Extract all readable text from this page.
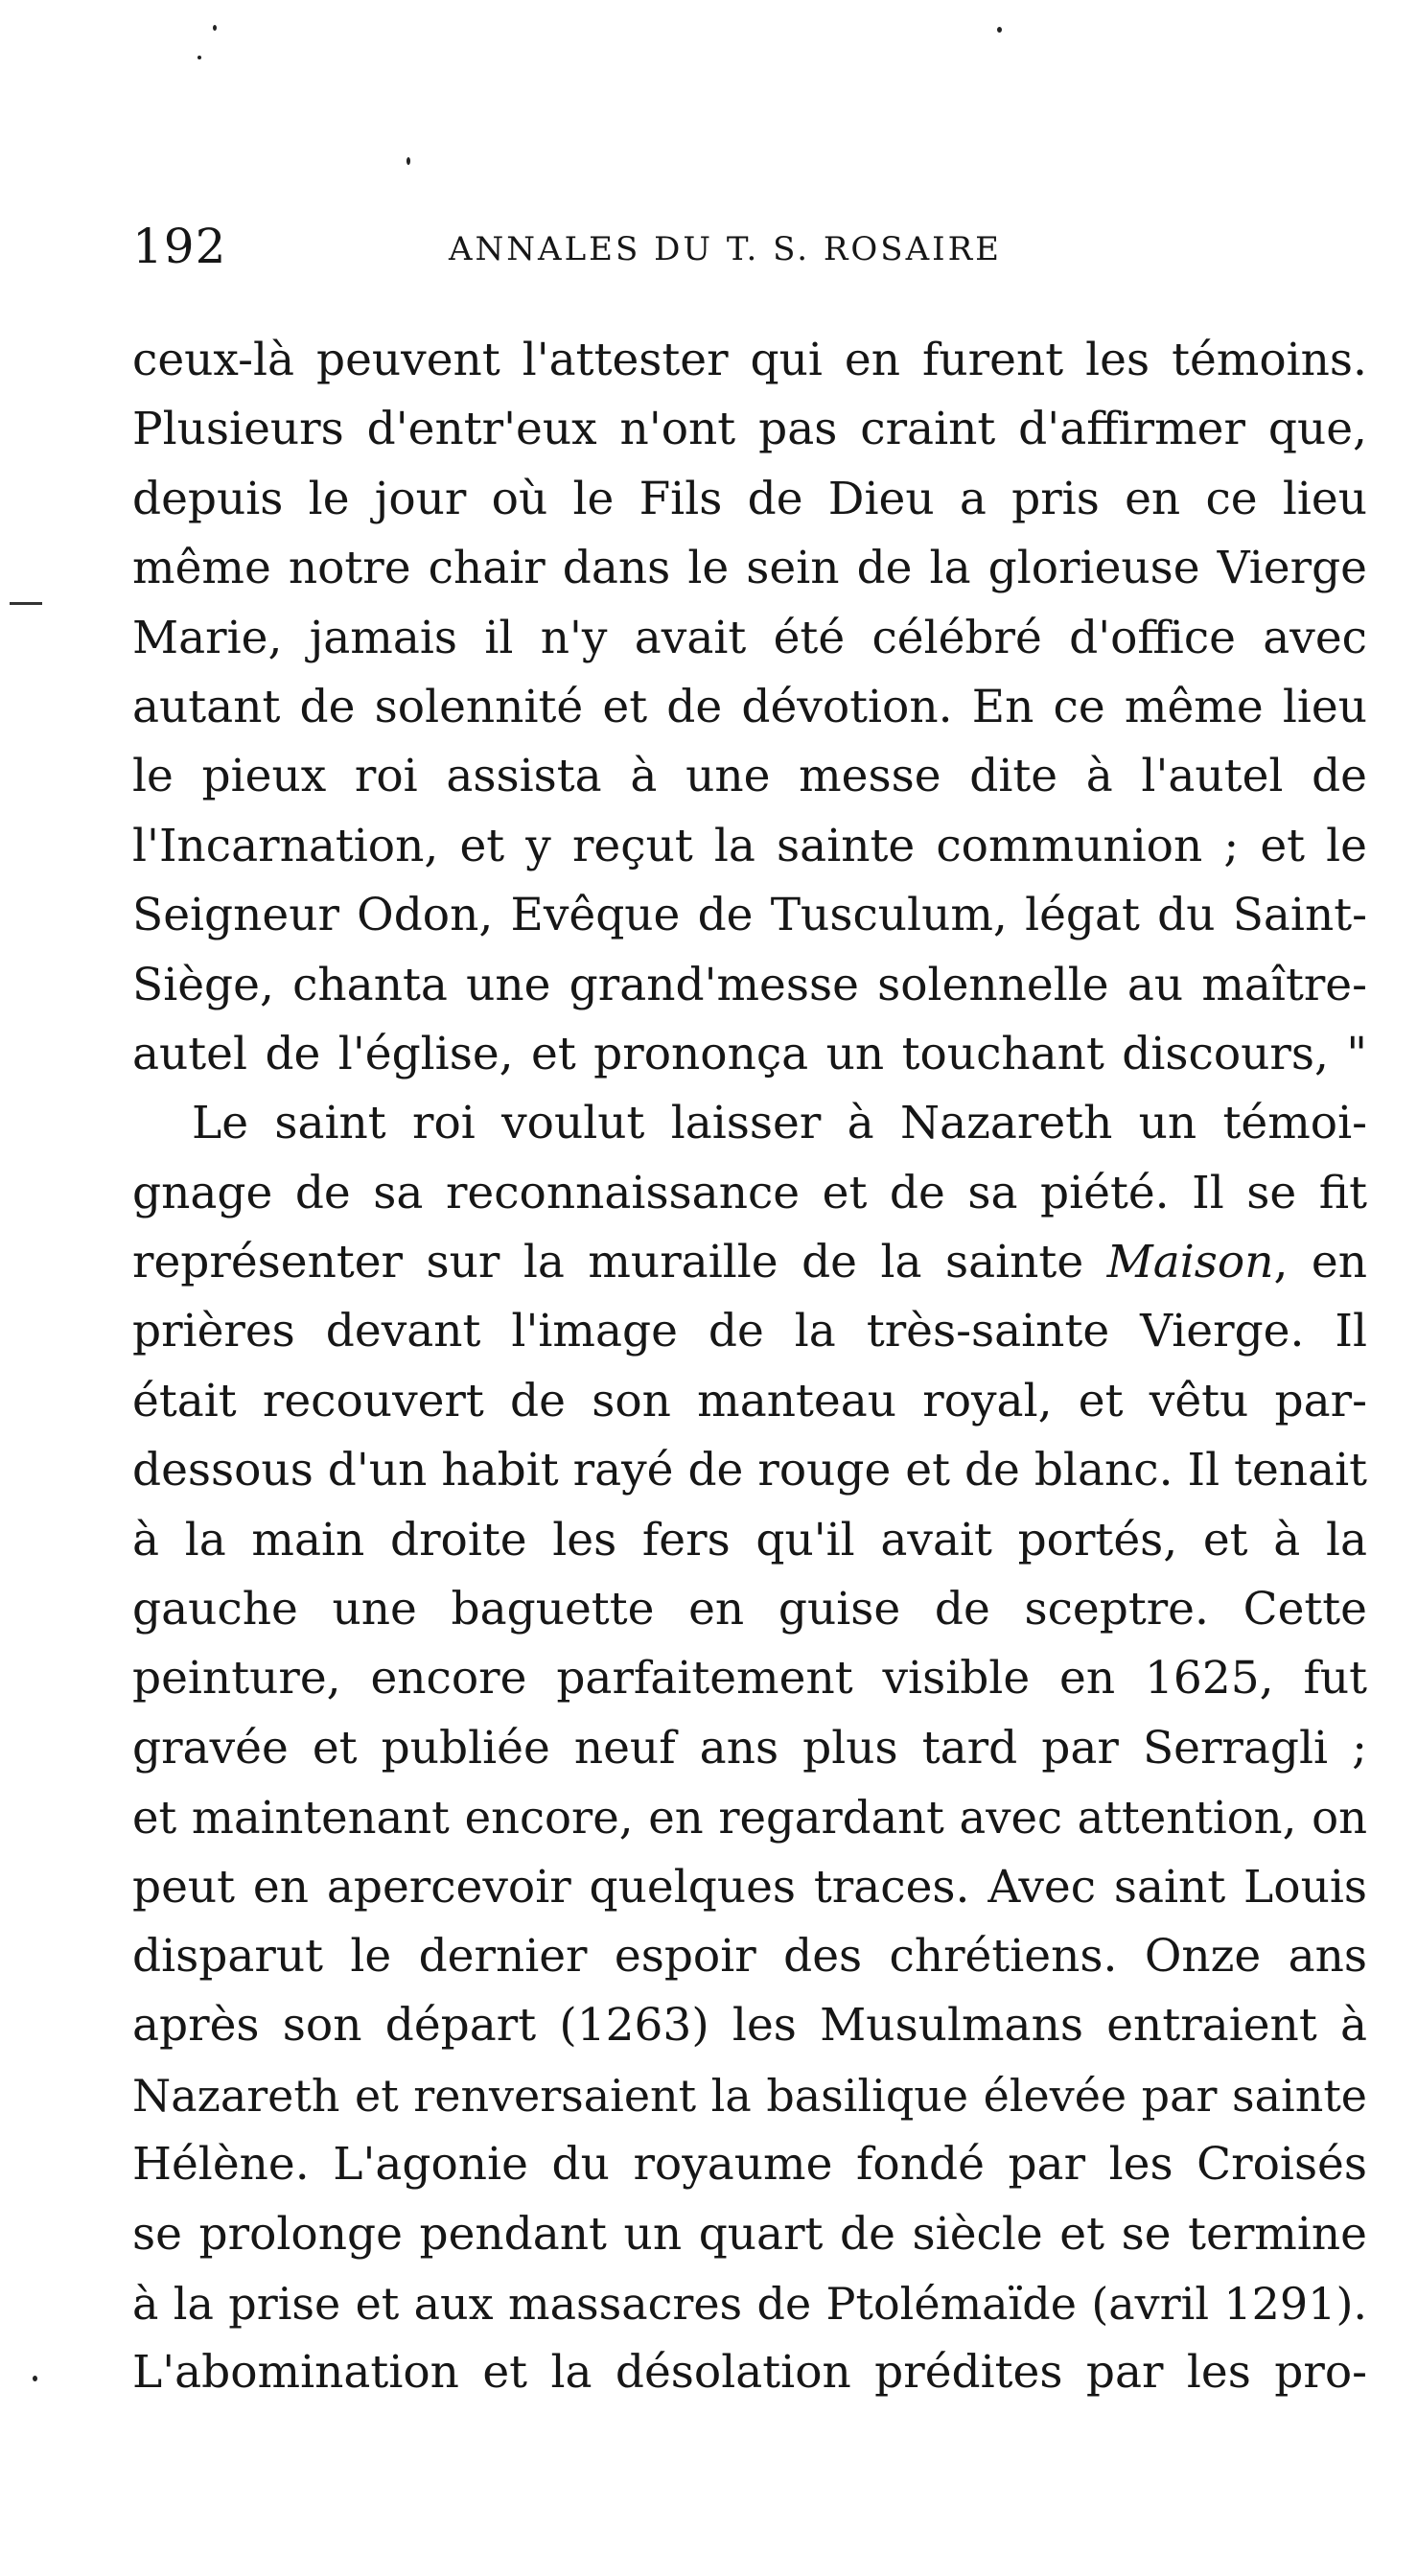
192	ANNALES DU T. S. ROSAIRE
ceux-là peuvent l'attester qui en furent les témoins.
Plusieurs d'entr'eux n'ont pas craint d'affirmer que,
depuis le jour où le Fils de Dieu a pris en ce lieu
même notre chair dans le sein de la glorieuse Vierge
Marie, jamais il n'y avait été célébré d'office avec
autant de solennité et de dévotion. En ce même lieu
le pieux roi assista à une messe dite à l'autel de
l'Incarnation, et y reçut la sainte communion ; et le
Seigneur Odon, Evêque de Tusculum, légat du Saint-
Siège, chanta une grand'messe solennelle au maître-
autel de l'église, et prononça un touchant discours, "
Le saint roi voulut laisser à Nazareth un témoi-
gnage de sa reconnaissance et de sa piété. Il se fit
représenter sur la muraille de la sainte Maison, en
prières devant l'image de la très-sainte Vierge. Il
était recouvert de son manteau royal, et vêtu par-
dessous d'un habit rayé de rouge et de blanc. Il tenait
à la main droite les fers qu'il avait portés, et à la
gauche une baguette en guise de sceptre. Cette
peinture, encore parfaitement visible en 1625, fut
gravée et publiée neuf ans plus tard par Serragli ;
et maintenant encore, en regardant avec attention, on
peut en apercevoir quelques traces. Avec saint Louis
disparut le dernier espoir des chrétiens. Onze ans
après son départ (1263) les Musulmans entraient à
Nazareth et renversaient la basilique élevée par sainte
Hélène. L'agonie du royaume fondé par les Croisés
se prolonge pendant un quart de siècle et se termine
à la prise et aux massacres de Ptolémaïde (avril 1291).
L'abomination et la désolation prédites par les pro-
